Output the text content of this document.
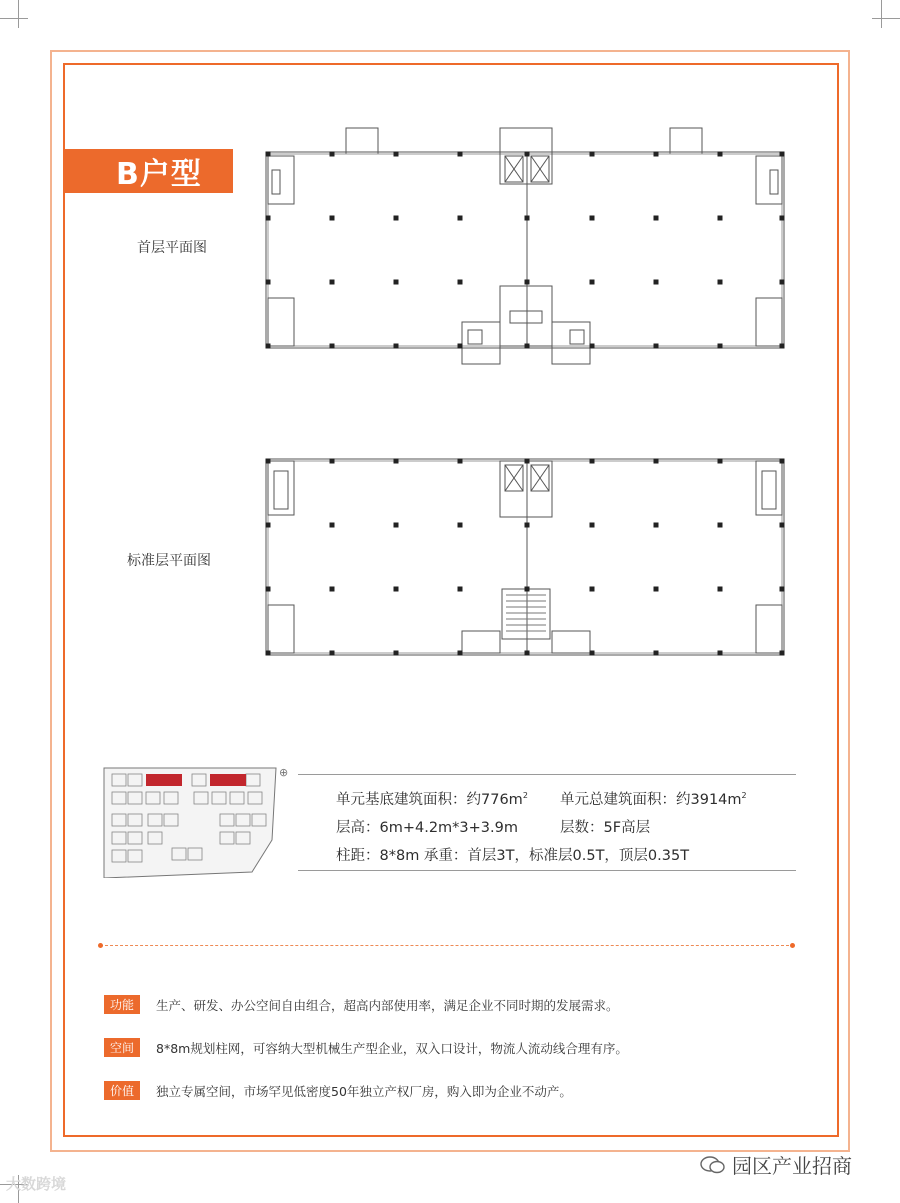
B户型
首层平面图
标准层平面图
⊕
单元基底建筑面积：约$776m^2$ 单元总建筑面积：约$3914m^2$
层高：6m+4.2m*3+3.9m	层数：5F高层
柱距：8*8m 承重：首层3T，标准层0.5T，顶层0.35T
功能	生产、研发、办公空间自由组合，超高内部使用率，满足企业不同时期的发展需求。
空间	8*8m规划柱网，可容纳大型机械生产型企业，双入口设计，物流人流动线合理有序。
价值	独立专属空间，市场罕见低密度50年独立产权厂房，购入即为企业不动产。
大数跨境
园区产业招商
